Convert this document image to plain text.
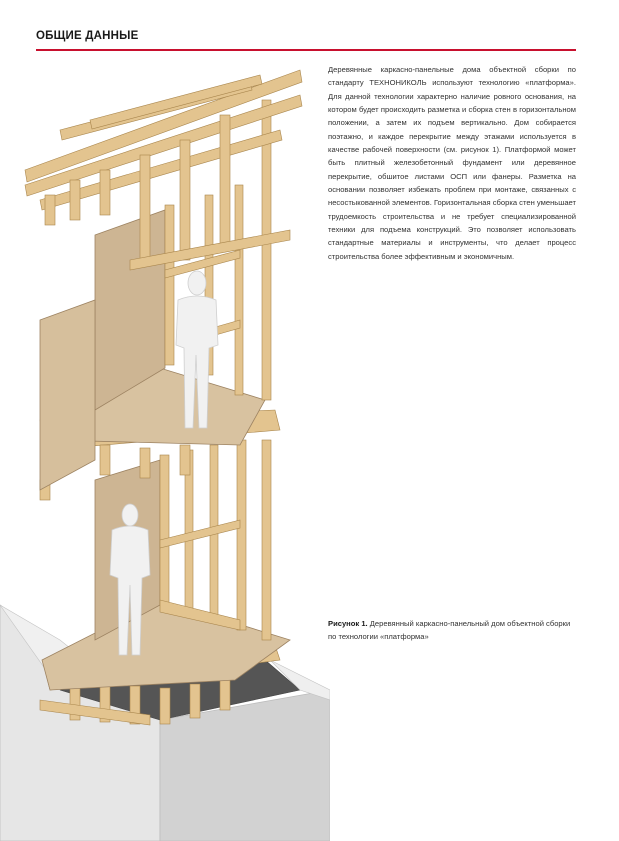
ОБЩИЕ ДАННЫЕ

Деревянные каркасно-панельные дома объектной сборки по стандарту ТЕХНОНИКОЛЬ используют технологию «платформа». Для данной технологии характерно наличие ровного основания, на котором будет происходить разметка и сборка стен в горизонтальном положении, а затем их подъем вертикально. Дом собирается поэтажно, и каждое перекрытие между этажами используется в качестве рабочей поверхности (см. рисунок 1). Платформой может быть плитный железобетонный фундамент или деревянное перекрытие, обшитое листами ОСП или фанеры. Разметка на основании позволяет избежать проблем при монтаже, связанных с несостыкованной элементов. Горизонтальная сборка стен уменьшает трудоемкость строительства и не требует специализированной техники для подъема конструкций. Это позволяет использовать стандартные материалы и инструменты, что делает процесс строительства более эффективным и экономичным.

Рисунок 1. Деревянный каркасно-панельный дом объектной сборки по технологии «платформа»
